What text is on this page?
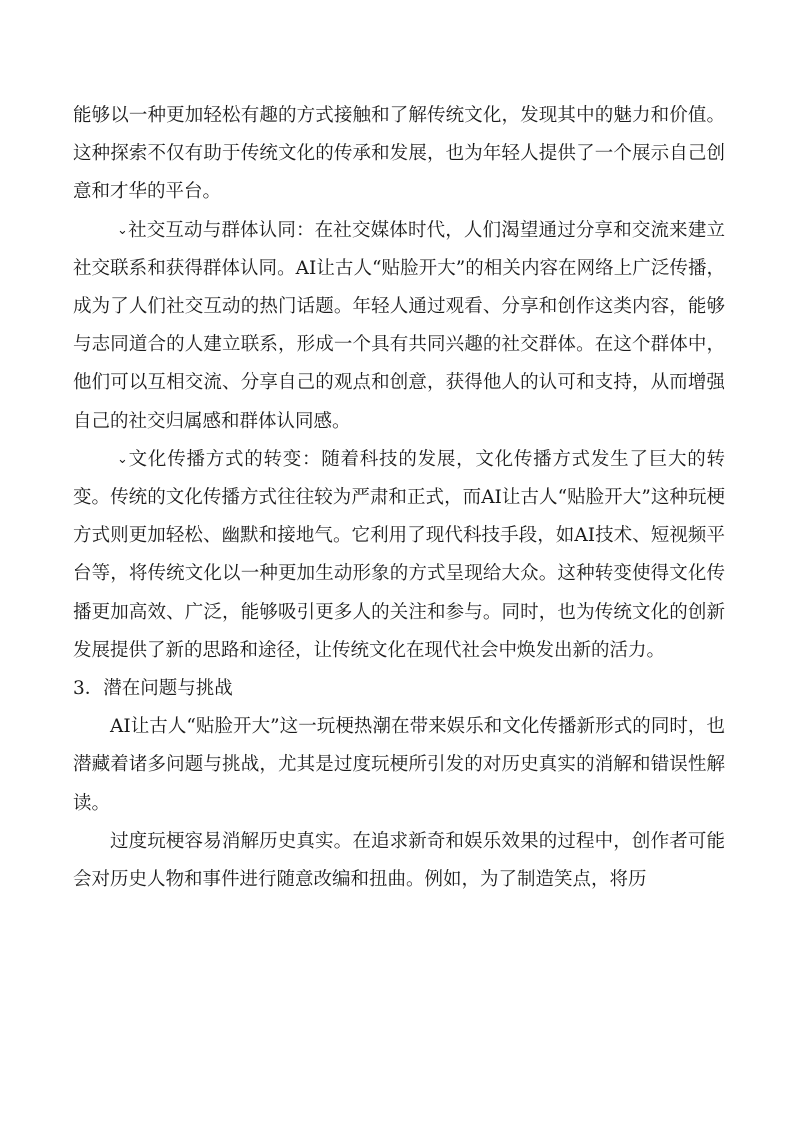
能够以一种更加轻松有趣的方式接触和了解传统文化，发现其中的魅力和价值。这种探索不仅有助于传统文化的传承和发展，也为年轻人提供了一个展示自己创意和才华的平台。

⌄社交互动与群体认同：在社交媒体时代，人们渴望通过分享和交流来建立社交联系和获得群体认同。AI让古人“贴脸开大”的相关内容在网络上广泛传播，成为了人们社交互动的热门话题。年轻人通过观看、分享和创作这类内容，能够与志同道合的人建立联系，形成一个具有共同兴趣的社交群体。在这个群体中，他们可以互相交流、分享自己的观点和创意，获得他人的认可和支持，从而增强自己的社交归属感和群体认同感。

⌄文化传播方式的转变：随着科技的发展，文化传播方式发生了巨大的转变。传统的文化传播方式往往较为严肃和正式，而AI让古人“贴脸开大”这种玩梗方式则更加轻松、幽默和接地气。它利用了现代科技手段，如AI技术、短视频平台等，将传统文化以一种更加生动形象的方式呈现给大众。这种转变使得文化传播更加高效、广泛，能够吸引更多人的关注和参与。同时，也为传统文化的创新发展提供了新的思路和途径，让传统文化在现代社会中焕发出新的活力。

3．潜在问题与挑战

AI让古人“贴脸开大”这一玩梗热潮在带来娱乐和文化传播新形式的同时，也潜藏着诸多问题与挑战，尤其是过度玩梗所引发的对历史真实的消解和错误性解读。

过度玩梗容易消解历史真实。在追求新奇和娱乐效果的过程中，创作者可能会对历史人物和事件进行随意改编和扭曲。例如，为了制造笑点，将历
